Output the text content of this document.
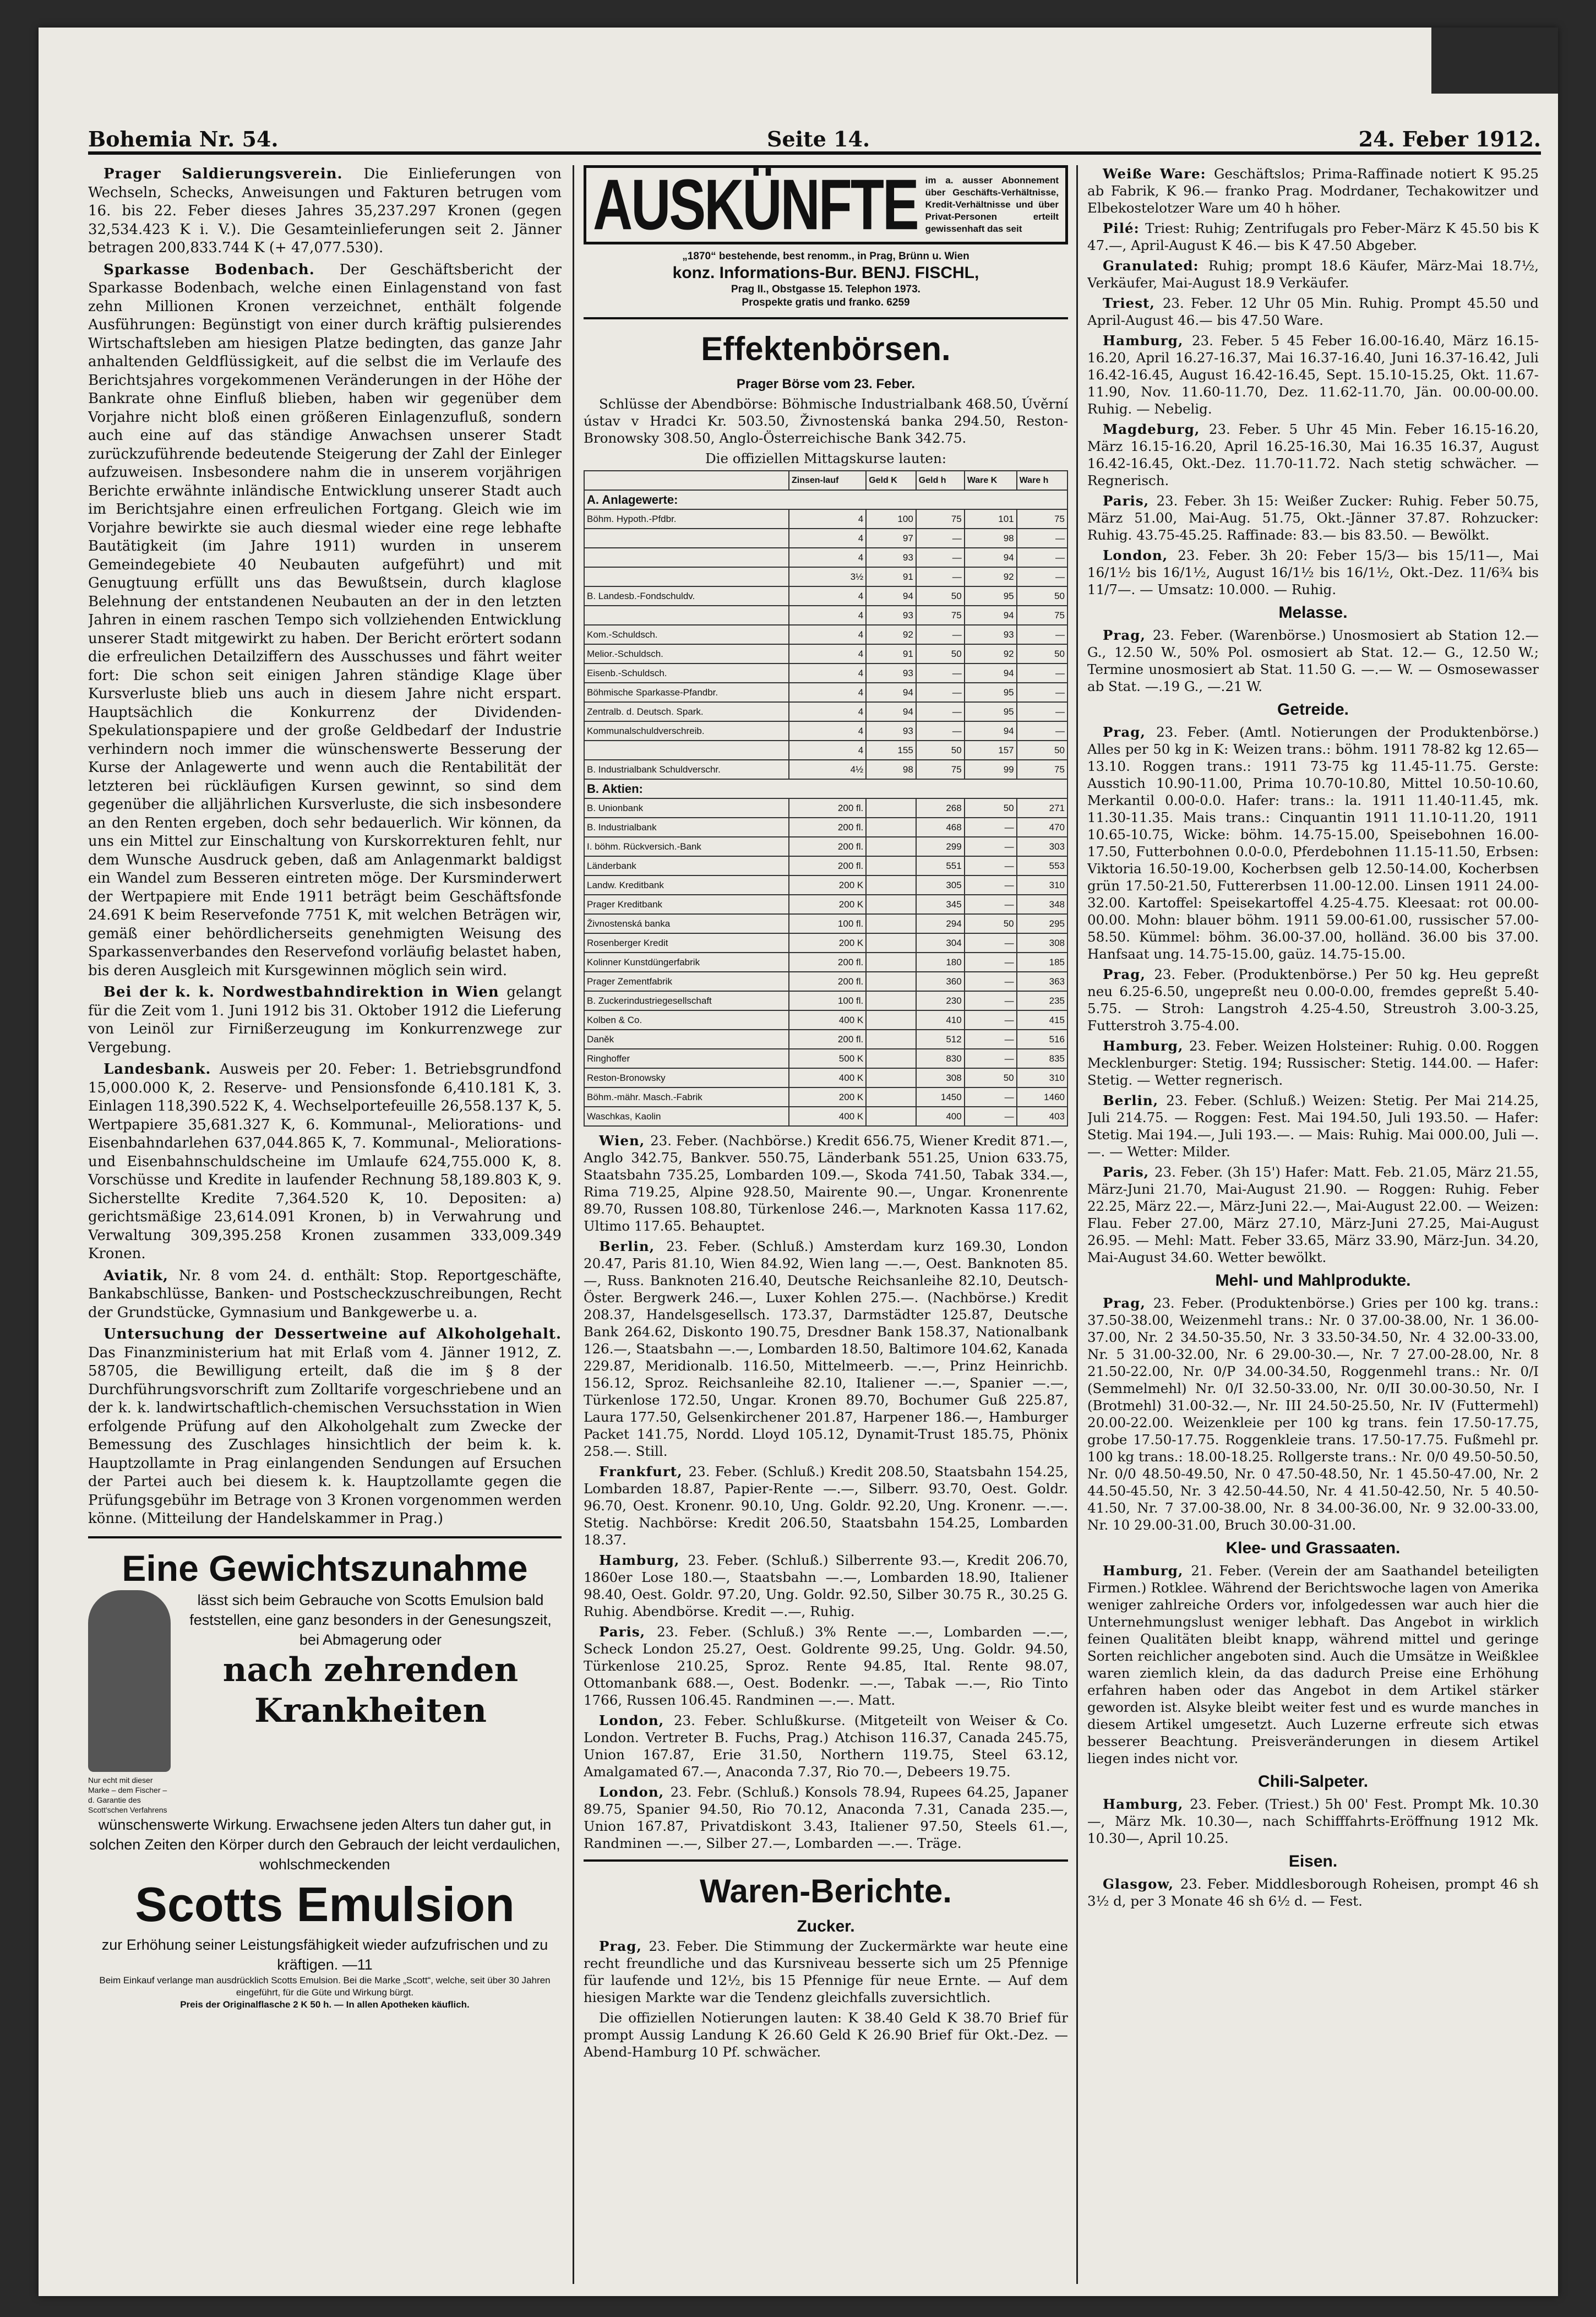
Bohemia Nr. 54.	Seite 14.	24. Feber 1912.

Prager Saldierungsverein. Die Einlieferungen von Wechseln, Schecks, Anweisungen und Fakturen betrugen vom 16. bis 22. Feber dieses Jahres 35,237.297 Kronen (gegen 32,534.423 K i. V.). Die Gesamteinlieferungen seit 2. Jänner betragen 200,833.744 K (+ 47,077.530).

Sparkasse Bodenbach. Der Geschäftsbericht der Sparkasse Bodenbach, welche einen Einlagenstand von fast zehn Millionen Kronen verzeichnet, enthält folgende Ausführungen: Begünstigt von einer durch kräftig pulsierendes Wirtschaftsleben am hiesigen Platze bedingten, das ganze Jahr anhaltenden Geldflüssigkeit, auf die selbst die im Verlaufe des Berichtsjahres vorgekommenen Veränderungen in der Höhe der Bankrate ohne Einfluß blieben, haben wir gegenüber dem Vorjahre nicht bloß einen größeren Einlagenzufluß, sondern auch eine auf das ständige Anwachsen unserer Stadt zurückzuführende bedeutende Steigerung der Zahl der Einleger aufzuweisen. Insbesondere nahm die in unserem vorjährigen Berichte erwähnte inländische Entwicklung unserer Stadt auch im Berichtsjahre einen erfreulichen Fortgang. Gleich wie im Vorjahre bewirkte sie auch diesmal wieder eine rege lebhafte Bautätigkeit (im Jahre 1911) wurden in unserem Gemeindegebiete 40 Neubauten aufgeführt) und mit Genugtuung erfüllt uns das Bewußtsein, durch klaglose Belehnung der entstandenen Neubauten an der in den letzten Jahren in einem raschen Tempo sich vollziehenden Entwicklung unserer Stadt mitgewirkt zu haben. Der Bericht erörtert sodann die erfreulichen Detailziffern des Ausschusses und fährt weiter fort: Die schon seit einigen Jahren ständige Klage über Kursverluste blieb uns auch in diesem Jahre nicht erspart. Hauptsächlich die Konkurrenz der Dividenden-Spekulationspapiere und der große Geldbedarf der Industrie verhindern noch immer die wünschenswerte Besserung der Kurse der Anlagewerte und wenn auch die Rentabilität der letzteren bei rückläufigen Kursen gewinnt, so sind dem gegenüber die alljährlichen Kursverluste, die sich insbesondere an den Renten ergeben, doch sehr bedauerlich. Wir können, da uns ein Mittel zur Einschaltung von Kurskorrekturen fehlt, nur dem Wunsche Ausdruck geben, daß am Anlagenmarkt baldigst ein Wandel zum Besseren eintreten möge. Der Kursminderwert der Wertpapiere mit Ende 1911 beträgt beim Geschäftsfonde 24.691 K beim Reservefonde 7751 K, mit welchen Beträgen wir, gemäß einer behördlicherseits genehmigten Weisung des Sparkassenverbandes den Reservefond vorläufig belastet haben, bis deren Ausgleich mit Kursgewinnen möglich sein wird.

Bei der k. k. Nordwestbahndirektion in Wien gelangt für die Zeit vom 1. Juni 1912 bis 31. Oktober 1912 die Lieferung von Leinöl zur Firnißerzeugung im Konkurrenzwege zur Vergebung.

Landesbank. Ausweis per 20. Feber: 1. Betriebsgrundfond 15,000.000 K, 2. Reserve- und Pensionsfonde 6,410.181 K, 3. Einlagen 118,390.522 K, 4. Wechselportefeuille 26,558.137 K, 5. Wertpapiere 35,681.327 K, 6. Kommunal-, Meliorations- und Eisenbahndarlehen 637,044.865 K, 7. Kommunal-, Meliorations- und Eisenbahnschuldscheine im Umlaufe 624,755.000 K, 8. Vorschüsse und Kredite in laufender Rechnung 58,189.803 K, 9. Sicherstellte Kredite 7,364.520 K, 10. Depositen: a) gerichtsmäßige 23,614.091 Kronen, b) in Verwahrung und Verwaltung 309,395.258 Kronen zusammen 333,009.349 Kronen.

Aviatik, Nr. 8 vom 24. d. enthält: Stop. Reportgeschäfte, Bankabschlüsse, Banken- und Postscheckzuschreibungen, Recht der Grundstücke, Gymnasium und Bankgewerbe u. a.

Untersuchung der Dessertweine auf Alkoholgehalt. Das Finanzministerium hat mit Erlaß vom 4. Jänner 1912, Z. 58705, die Bewilligung erteilt, daß die im § 8 der Durchführungsvorschrift zum Zolltarife vorgeschriebene und an der k. k. landwirtschaftlich-chemischen Versuchsstation in Wien erfolgende Prüfung auf den Alkoholgehalt zum Zwecke der Bemessung des Zuschlages hinsichtlich der beim k. k. Hauptzollamte in Prag einlangenden Sendungen auf Ersuchen der Partei auch bei diesem k. k. Hauptzollamte gegen die Prüfungsgebühr im Betrage von 3 Kronen vorgenommen werden könne. (Mitteilung der Handelskammer in Prag.)

Eine Gewichtszunahme
Nur echt mit dieser Marke – dem Fischer – d. Garantie des Scott'schen Verfahrens
lässt sich beim Gebrauche von Scotts Emulsion bald feststellen, eine ganz besonders in der Genesungszeit, bei Abmagerung oder
nach zehrenden Krankheiten
wünschenswerte Wirkung. Erwachsene jeden Alters tun daher gut, in solchen Zeiten den Körper durch den Gebrauch der leicht verdaulichen, wohlschmeckenden
Scotts Emulsion
zur Erhöhung seiner Leistungsfähigkeit wieder aufzufrischen und zu kräftigen. —11
Beim Einkauf verlange man ausdrücklich Scotts Emulsion. Bei die Marke „Scott“, welche, seit über 30 Jahren eingeführt, für die Güte und Wirkung bürgt.
Preis der Originalflasche 2 K 50 h. — In allen Apotheken käuflich.
AUSKÜNFTE im a. ausser Abonnement über Geschäfts-Verhältnisse, Kredit-Verhältnisse und über Privat-Personen erteilt gewissenhaft das seit
„1870“ bestehende, best renomm., in Prag, Brünn u. Wien
konz. Informations-Bur. BENJ. FISCHL,
Prag II., Obstgasse 15. Telephon 1973.
Prospekte gratis und franko. 6259
Effektenbörsen.
Prager Börse vom 23. Feber.

Schlüsse der Abendbörse: Böhmische Industrialbank 468.50, Úvěrní ústav v Hradci Kr. 503.50, Živnostenská banka 294.50, Reston-Bronowsky 308.50, Anglo-Österreichische Bank 342.75.

Die offiziellen Mittagskurse lauten:
	Zinsen-lauf	Geld K	Geld h	Ware K	Ware h
A. Anlagewerte:					
Böhm. Hypoth.-Pfdbr.	4	100	75	101	75
	4	97	—	98	—
	4	93	—	94	—
	3½	91	—	92	—
B. Landesb.-Fondschuldv.	4	94	50	95	50
	4	93	75	94	75
Kom.-Schuldsch.	4	92	—	93	—
Melior.-Schuldsch.	4	91	50	92	50
Eisenb.-Schuldsch.	4	93	—	94	—
Böhmische Sparkasse-Pfandbr.	4	94	—	95	—
Zentralb. d. Deutsch. Spark.	4	94	—	95	—
Kommunalschuldverschreib.	4	93	—	94	—
	4	155	50	157	50
B. Industrialbank Schuldverschr.	4½	98	75	99	75
B. Aktien:					
B. Unionbank	200 fl.		268	50	271
B. Industrialbank	200 fl.		468	—	470
I. böhm. Rückversich.-Bank	200 fl.		299	—	303
Länderbank	200 fl.		551	—	553
Landw. Kreditbank	200 K		305	—	310
Prager Kreditbank	200 K		345	—	348
Živnostenská banka	100 fl.		294	50	295
Rosenberger Kredit	200 K		304	—	308
Kolinner Kunstdüngerfabrik	200 fl.		180	—	185
Prager Zementfabrik	200 fl.		360	—	363
B. Zuckerindustriegesellschaft	100 fl.		230	—	235
Kolben & Co.	400 K		410	—	415
Daněk	200 fl.		512	—	516
Ringhoffer	500 K		830	—	835
Reston-Bronowsky	400 K		308	50	310
Böhm.-mähr. Masch.-Fabrik	200 K		1450	—	1460
Waschkas, Kaolin	400 K		400	—	403

Wien, 23. Feber. (Nachbörse.) Kredit 656.75, Wiener Kredit 871.—, Anglo 342.75, Bankver. 550.75, Länderbank 551.25, Union 633.75, Staatsbahn 735.25, Lombarden 109.—, Skoda 741.50, Tabak 334.—, Rima 719.25, Alpine 928.50, Mairente 90.—, Ungar. Kronenrente 89.70, Russen 108.80, Türkenlose 246.—, Marknoten Kassa 117.62, Ultimo 117.65. Behauptet.

Berlin, 23. Feber. (Schluß.) Amsterdam kurz 169.30, London 20.47, Paris 81.10, Wien 84.92, Wien lang —.—, Oest. Banknoten 85.—, Russ. Banknoten 216.40, Deutsche Reichsanleihe 82.10, Deutsch-Öster. Bergwerk 246.—, Luxer Kohlen 275.—. (Nachbörse.) Kredit 208.37, Handelsgesellsch. 173.37, Darmstädter 125.87, Deutsche Bank 264.62, Diskonto 190.75, Dresdner Bank 158.37, Nationalbank 126.—, Staatsbahn —.—, Lombarden 18.50, Baltimore 104.62, Kanada 229.87, Meridionalb. 116.50, Mittelmeerb. —.—, Prinz Heinrichb. 156.12, Sproz. Reichsanleihe 82.10, Italiener —.—, Spanier —.—, Türkenlose 172.50, Ungar. Kronen 89.70, Bochumer Guß 225.87, Laura 177.50, Gelsenkirchener 201.87, Harpener 186.—, Hamburger Packet 141.75, Nordd. Lloyd 105.12, Dynamit-Trust 185.75, Phönix 258.—. Still.

Frankfurt, 23. Feber. (Schluß.) Kredit 208.50, Staatsbahn 154.25, Lombarden 18.87, Papier-Rente —.—, Silberr. 93.70, Oest. Goldr. 96.70, Oest. Kronenr. 90.10, Ung. Goldr. 92.20, Ung. Kronenr. —.—. Stetig. Nachbörse: Kredit 206.50, Staatsbahn 154.25, Lombarden 18.37.

Hamburg, 23. Feber. (Schluß.) Silberrente 93.—, Kredit 206.70, 1860er Lose 180.—, Staatsbahn —.—, Lombarden 18.90, Italiener 98.40, Oest. Goldr. 97.20, Ung. Goldr. 92.50, Silber 30.75 R., 30.25 G. Ruhig. Abendbörse. Kredit —.—, Ruhig.

Paris, 23. Feber. (Schluß.) 3% Rente —.—, Lombarden —.—, Scheck London 25.27, Oest. Goldrente 99.25, Ung. Goldr. 94.50, Türkenlose 210.25, Sproz. Rente 94.85, Ital. Rente 98.07, Ottomanbank 688.—, Oest. Bodenkr. —.—, Tabak —.—, Rio Tinto 1766, Russen 106.45. Randminen —.—. Matt.

London, 23. Feber. Schlußkurse. (Mitgeteilt von Weiser & Co. London. Vertreter B. Fuchs, Prag.) Atchison 116.37, Canada 245.75, Union 167.87, Erie 31.50, Northern 119.75, Steel 63.12, Amalgamated 67.—, Anaconda 7.37, Rio 70.—, Debeers 19.75.

London, 23. Febr. (Schluß.) Konsols 78.94, Rupees 64.25, Japaner 89.75, Spanier 94.50, Rio 70.12, Anaconda 7.31, Canada 235.—, Union 167.87, Privatdiskont 3.43, Italiener 97.50, Steels 61.—, Randminen —.—, Silber 27.—, Lombarden —.—. Träge.

Waren-Berichte.
Zucker.

Prag, 23. Feber. Die Stimmung der Zuckermärkte war heute eine recht freundliche und das Kursniveau besserte sich um 25 Pfennige für laufende und 12½, bis 15 Pfennige für neue Ernte. — Auf dem hiesigen Markte war die Tendenz gleichfalls zuversichtlich.

Die offiziellen Notierungen lauten: K 38.40 Geld K 38.70 Brief für prompt Aussig Landung K 26.60 Geld K 26.90 Brief für Okt.-Dez. — Abend-Hamburg 10 Pf. schwächer.

Weiße Ware: Geschäftslos; Prima-Raffinade notiert K 95.25 ab Fabrik, K 96.— franko Prag. Modrdaner, Techakowitzer und Elbekostelotzer Ware um 40 h höher.

Pilé: Triest: Ruhig; Zentrifugals pro Feber-März K 45.50 bis K 47.—, April-August K 46.— bis K 47.50 Abgeber.

Granulated: Ruhig; prompt 18.6 Käufer, März-Mai 18.7½, Verkäufer, Mai-August 18.9 Verkäufer.

Triest, 23. Feber. 12 Uhr 05 Min. Ruhig. Prompt 45.50 und April-August 46.— bis 47.50 Ware.

Hamburg, 23. Feber. 5 45 Feber 16.00-16.40, März 16.15-16.20, April 16.27-16.37, Mai 16.37-16.40, Juni 16.37-16.42, Juli 16.42-16.45, August 16.42-16.45, Sept. 15.10-15.25, Okt. 11.67-11.90, Nov. 11.60-11.70, Dez. 11.62-11.70, Jän. 00.00-00.00. Ruhig. — Nebelig.

Magdeburg, 23. Feber. 5 Uhr 45 Min. Feber 16.15-16.20, März 16.15-16.20, April 16.25-16.30, Mai 16.35 16.37, August 16.42-16.45, Okt.-Dez. 11.70-11.72. Nach stetig schwächer. — Regnerisch.

Paris, 23. Feber. 3h 15: Weißer Zucker: Ruhig. Feber 50.75, März 51.00, Mai-Aug. 51.75, Okt.-Jänner 37.87. Rohzucker: Ruhig. 43.75-45.25. Raffinade: 83.— bis 83.50. — Bewölkt.

London, 23. Feber. 3h 20: Feber 15/3— bis 15/11—, Mai 16/1½ bis 16/1½, August 16/1½ bis 16/1½, Okt.-Dez. 11/6¾ bis 11/7—. — Umsatz: 10.000. — Ruhig.

Melasse.

Prag, 23. Feber. (Warenbörse.) Unosmosiert ab Station 12.— G., 12.50 W., 50% Pol. osmosiert ab Stat. 12.— G., 12.50 W.; Termine unosmosiert ab Stat. 11.50 G. —.— W. — Osmosewasser ab Stat. —.19 G., —.21 W.

Getreide.

Prag, 23. Feber. (Amtl. Notierungen der Produktenbörse.) Alles per 50 kg in K: Weizen trans.: böhm. 1911 78-82 kg 12.65—13.10. Roggen trans.: 1911 73-75 kg 11.45-11.75. Gerste: Ausstich 10.90-11.00, Prima 10.70-10.80, Mittel 10.50-10.60, Merkantil 0.00-0.0. Hafer: trans.: la. 1911 11.40-11.45, mk. 11.30-11.35. Mais trans.: Cinquantin 1911 11.10-11.20, 1911 10.65-10.75, Wicke: böhm. 14.75-15.00, Speisebohnen 16.00-17.50, Futterbohnen 0.0-0.0, Pferdebohnen 11.15-11.50, Erbsen: Viktoria 16.50-19.00, Kocherbsen gelb 12.50-14.00, Kocherbsen grün 17.50-21.50, Futtererbsen 11.00-12.00. Linsen 1911 24.00-32.00. Kartoffel: Speisekartoffel 4.25-4.75. Kleesaat: rot 00.00-00.00. Mohn: blauer böhm. 1911 59.00-61.00, russischer 57.00-58.50. Kümmel: böhm. 36.00-37.00, holländ. 36.00 bis 37.00. Hanfsaat ung. 14.75-15.00, gaüz. 14.75-15.00.

Prag, 23. Feber. (Produktenbörse.) Per 50 kg. Heu gepreßt neu 6.25-6.50, ungepreßt neu 0.00-0.00, fremdes gepreßt 5.40-5.75. — Stroh: Langstroh 4.25-4.50, Streustroh 3.00-3.25, Futterstroh 3.75-4.00.

Hamburg, 23. Feber. Weizen Holsteiner: Ruhig. 0.00. Roggen Mecklenburger: Stetig. 194; Russischer: Stetig. 144.00. — Hafer: Stetig. — Wetter regnerisch.

Berlin, 23. Feber. (Schluß.) Weizen: Stetig. Per Mai 214.25, Juli 214.75. — Roggen: Fest. Mai 194.50, Juli 193.50. — Hafer: Stetig. Mai 194.—, Juli 193.—. — Mais: Ruhig. Mai 000.00, Juli —.—. — Wetter: Milder.

Paris, 23. Feber. (3h 15') Hafer: Matt. Feb. 21.05, März 21.55, März-Juni 21.70, Mai-August 21.90. — Roggen: Ruhig. Feber 22.25, März 22.—, März-Juni 22.—, Mai-August 22.00. — Weizen: Flau. Feber 27.00, März 27.10, März-Juni 27.25, Mai-August 26.95. — Mehl: Matt. Feber 33.65, März 33.90, März-Jun. 34.20, Mai-August 34.60. Wetter bewölkt.

Mehl- und Mahlprodukte.

Prag, 23. Feber. (Produktenbörse.) Gries per 100 kg. trans.: 37.50-38.00, Weizenmehl trans.: Nr. 0 37.00-38.00, Nr. 1 36.00-37.00, Nr. 2 34.50-35.50, Nr. 3 33.50-34.50, Nr. 4 32.00-33.00, Nr. 5 31.00-32.00, Nr. 6 29.00-30.—, Nr. 7 27.00-28.00, Nr. 8 21.50-22.00, Nr. 0/P 34.00-34.50, Roggenmehl trans.: Nr. 0/I (Semmelmehl) Nr. 0/I 32.50-33.00, Nr. 0/II 30.00-30.50, Nr. I (Brotmehl) 31.00-32.—, Nr. III 24.50-25.50, Nr. IV (Futtermehl) 20.00-22.00. Weizenkleie per 100 kg trans. fein 17.50-17.75, grobe 17.50-17.75. Roggenkleie trans. 17.50-17.75. Fußmehl pr. 100 kg trans.: 18.00-18.25. Rollgerste trans.: Nr. 0/0 49.50-50.50, Nr. 0/0 48.50-49.50, Nr. 0 47.50-48.50, Nr. 1 45.50-47.00, Nr. 2 44.50-45.50, Nr. 3 42.50-44.50, Nr. 4 41.50-42.50, Nr. 5 40.50-41.50, Nr. 7 37.00-38.00, Nr. 8 34.00-36.00, Nr. 9 32.00-33.00, Nr. 10 29.00-31.00, Bruch 30.00-31.00.

Klee- und Grassaaten.

Hamburg, 21. Feber. (Verein der am Saathandel beteiligten Firmen.) Rotklee. Während der Berichtswoche lagen von Amerika weniger zahlreiche Orders vor, infolgedessen war auch hier die Unternehmungslust weniger lebhaft. Das Angebot in wirklich feinen Qualitäten bleibt knapp, während mittel und geringe Sorten reichlicher angeboten sind. Auch die Umsätze in Weißklee waren ziemlich klein, da das dadurch Preise eine Erhöhung erfahren haben oder das Angebot in dem Artikel stärker geworden ist. Alsyke bleibt weiter fest und es wurde manches in diesem Artikel umgesetzt. Auch Luzerne erfreute sich etwas besserer Beachtung. Preisveränderungen in diesem Artikel liegen indes nicht vor.

Chili-Salpeter.

Hamburg, 23. Feber. (Triest.) 5h 00' Fest. Prompt Mk. 10.30—, März Mk. 10.30—, nach Schifffahrts-Eröffnung 1912 Mk. 10.30—, April 10.25.

Eisen.

Glasgow, 23. Feber. Middlesborough Roheisen, prompt 46 sh 3½ d, per 3 Monate 46 sh 6½ d. — Fest.
